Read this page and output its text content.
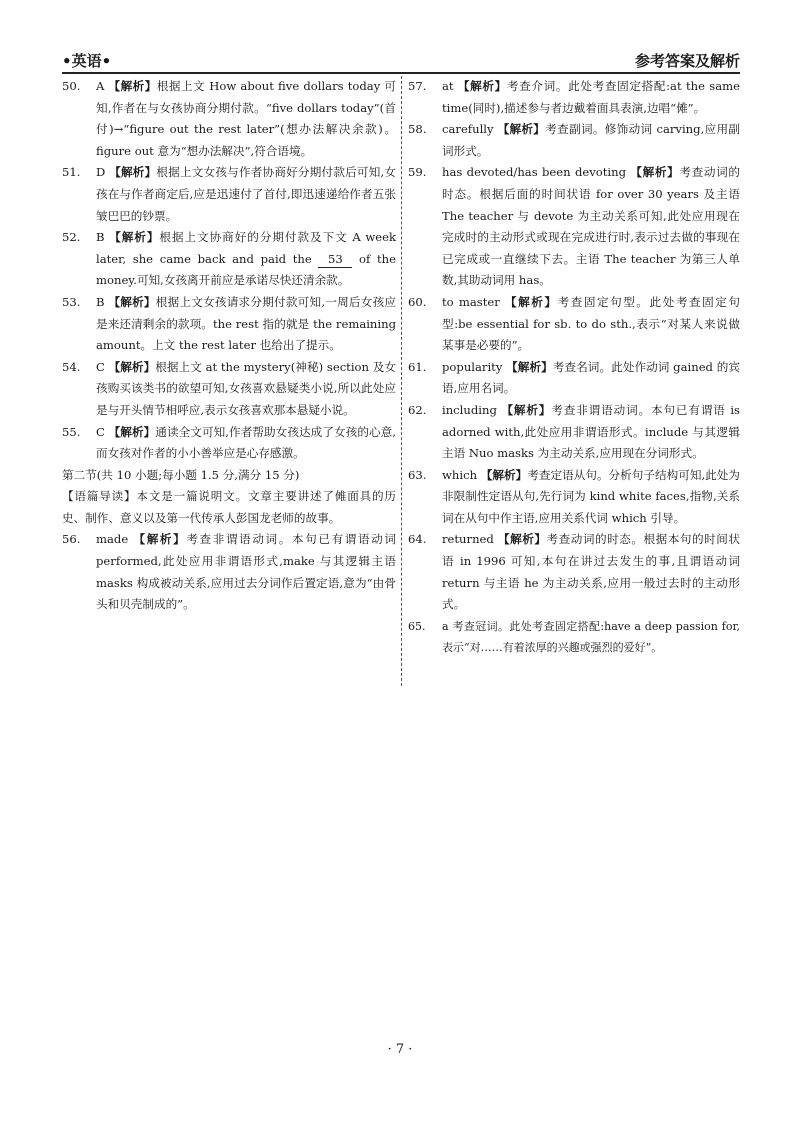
•英语•	参考答案及解析
50.	A 【解析】根据上文 How about five dollars today 可知,作者在与女孩协商分期付款。“five dollars today”(首付)→“figure out the rest later”(想办法解决余款)。figure out 意为“想办法解决”,符合语境。
51.	D 【解析】根据上文女孩与作者协商好分期付款后可知,女孩在与作者商定后,应是迅速付了首付,即迅速递给作者五张皱巴巴的钞票。
52.	B 【解析】根据上文协商好的分期付款及下文 A week later, she came back and paid the 53 of the money.可知,女孩离开前应是承诺尽快还清余款。
53.	B 【解析】根据上文女孩请求分期付款可知,一周后女孩应是来还清剩余的款项。the rest 指的就是 the remaining amount。上文 the rest later 也给出了提示。
54.	C 【解析】根据上文 at the mystery(神秘) section 及女孩购买该类书的欲望可知,女孩喜欢悬疑类小说,所以此处应是与开头情节相呼应,表示女孩喜欢那本悬疑小说。
55.	C 【解析】通读全文可知,作者帮助女孩达成了女孩的心意,而女孩对作者的小小善举应是心存感激。
第二节(共 10 小题;每小题 1.5 分,满分 15 分)
【语篇导读】本文是一篇说明文。文章主要讲述了傩面具的历史、制作、意义以及第一代传承人彭国龙老师的故事。
56.	made 【解析】考查非谓语动词。本句已有谓语动词 performed,此处应用非谓语形式,make 与其逻辑主语 masks 构成被动关系,应用过去分词作后置定语,意为“由骨头和贝壳制成的”。
57.	at 【解析】考查介词。此处考查固定搭配:at the same time(同时),描述参与者边戴着面具表演,边唱“傩”。
58.	carefully 【解析】考查副词。修饰动词 carving,应用副词形式。
59.	has devoted/has been devoting 【解析】考查动词的时态。根据后面的时间状语 for over 30 years 及主语 The teacher 与 devote 为主动关系可知,此处应用现在完成时的主动形式或现在完成进行时,表示过去做的事现在已完成或一直继续下去。主语 The teacher 为第三人单数,其助动词用 has。
60.	to master 【解析】考查固定句型。此处考查固定句型:be essential for sb. to do sth.,表示“对某人来说做某事是必要的”。
61.	popularity 【解析】考查名词。此处作动词 gained 的宾语,应用名词。
62.	including 【解析】考查非谓语动词。本句已有谓语 is adorned with,此处应用非谓语形式。include 与其逻辑主语 Nuo masks 为主动关系,应用现在分词形式。
63.	which 【解析】考查定语从句。分析句子结构可知,此处为非限制性定语从句,先行词为 kind white faces,指物,关系词在从句中作主语,应用关系代词 which 引导。
64.	returned 【解析】考查动词的时态。根据本句的时间状语 in 1996 可知,本句在讲过去发生的事,且谓语动词 return 与主语 he 为主动关系,应用一般过去时的主动形式。
65.	a 考查冠词。此处考查固定搭配:have a deep passion for,表示“对……有着浓厚的兴趣或强烈的爱好”。
· 7 ·
